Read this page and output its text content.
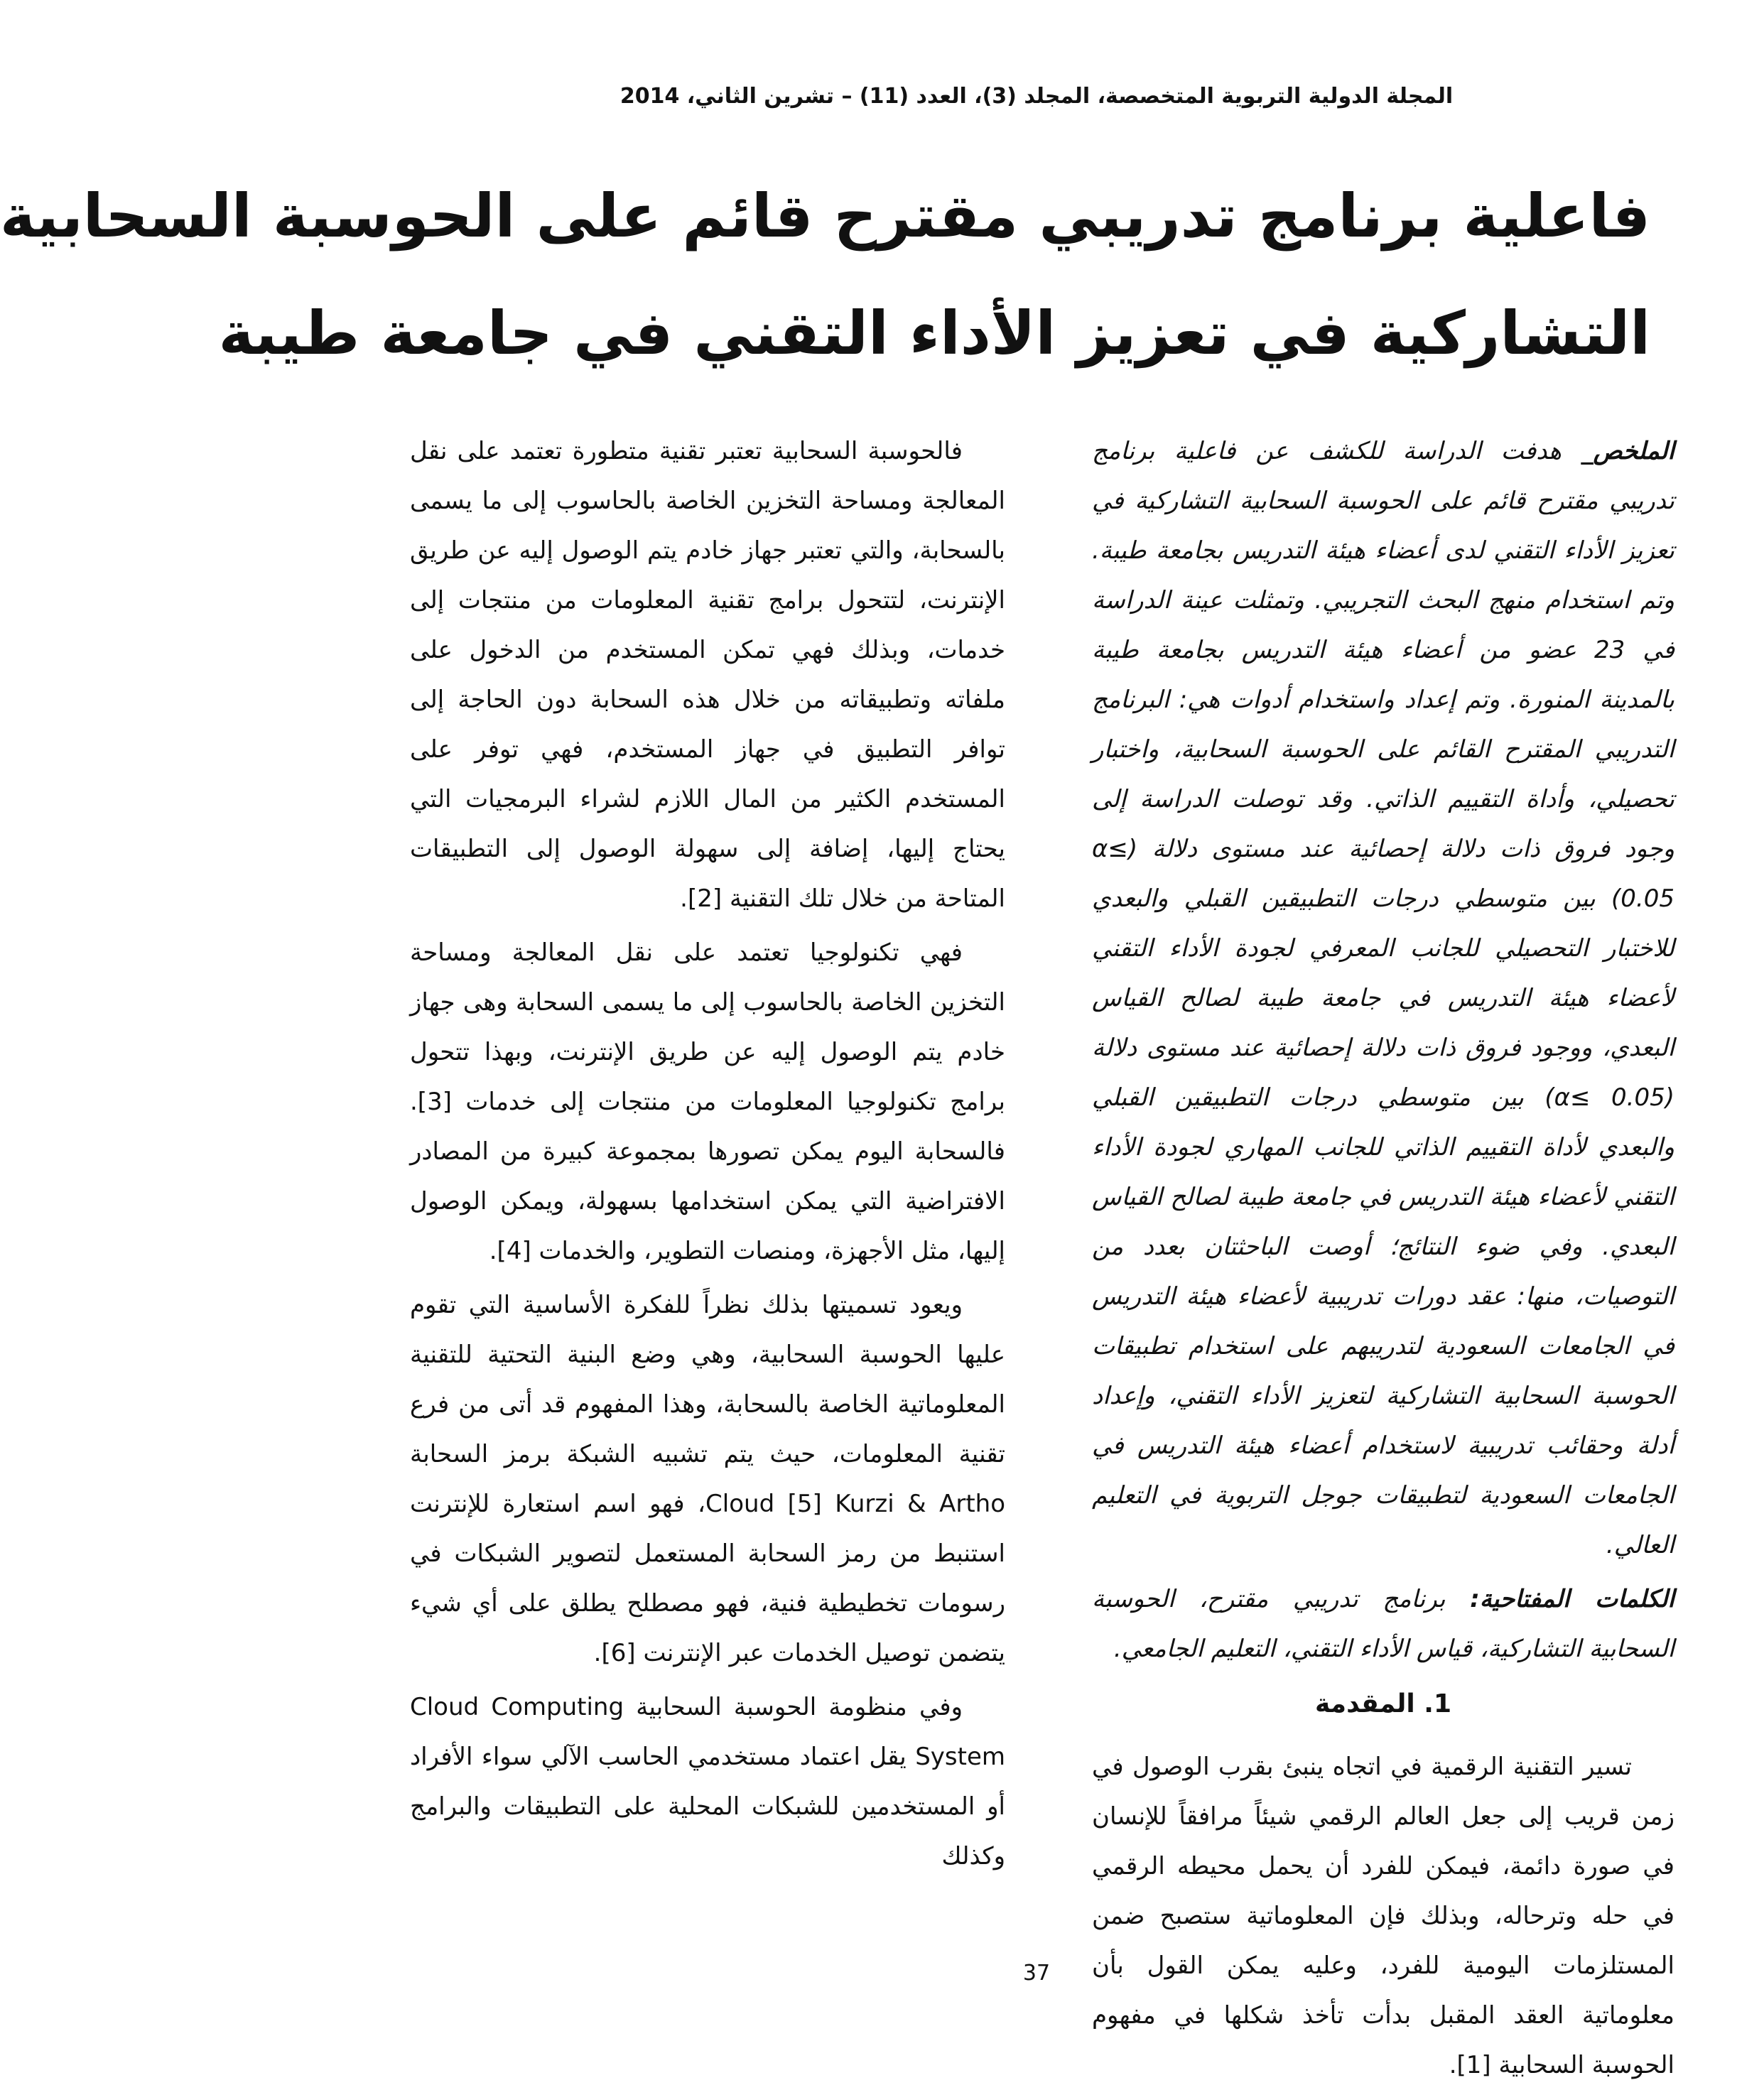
المجلة الدولية التربوية المتخصصة، المجلد (3)، العدد (11) – تشرين الثاني، 2014
فاعلية برنامج تدريبي مقترح قائم على الحوسبة السحابية
التشاركية في تعزيز الأداء التقني في جامعة طيبة

الملخص_ هدفت الدراسة للكشف عن فاعلية برنامج تدريبي مقترح قائم على الحوسبة السحابية التشاركية في تعزيز الأداء التقني لدى أعضاء هيئة التدريس بجامعة طيبة. وتم استخدام منهج البحث التجريبي. وتمثلت عينة الدراسة في 23 عضو من أعضاء هيئة التدريس بجامعة طيبة بالمدينة المنورة. وتم إعداد واستخدام أدوات هي: البرنامج التدريبي المقترح القائم على الحوسبة السحابية، واختبار تحصيلي، وأداة التقييم الذاتي. وقد توصلت الدراسة إلى وجود فروق ذات دلالة إحصائية عند مستوى دلالة (α≤ 0.05) بين متوسطي درجات التطبيقين القبلي والبعدي للاختبار التحصيلي للجانب المعرفي لجودة الأداء التقني لأعضاء هيئة التدريس في جامعة طيبة لصالح القياس البعدي، ووجود فروق ذات دلالة إحصائية عند مستوى دلالة (α≤ 0.05) بين متوسطي درجات التطبيقين القبلي والبعدي لأداة التقييم الذاتي للجانب المهاري لجودة الأداء التقني لأعضاء هيئة التدريس في جامعة طيبة لصالح القياس البعدي. وفي ضوء النتائج؛ أوصت الباحثتان بعدد من التوصيات، منها: عقد دورات تدريبية لأعضاء هيئة التدريس في الجامعات السعودية لتدريبهم على استخدام تطبيقات الحوسبة السحابية التشاركية لتعزيز الأداء التقني، وإعداد أدلة وحقائب تدريبية لاستخدام أعضاء هيئة التدريس في الجامعات السعودية لتطبيقات جوجل التربوية في التعليم العالي.

الكلمات المفتاحية: برنامج تدريبي مقترح، الحوسبة السحابية التشاركية، قياس الأداء التقني، التعليم الجامعي.

1. المقدمة

تسير التقنية الرقمية في اتجاه ينبئ بقرب الوصول في زمن قريب إلى جعل العالم الرقمي شيئاً مرافقاً للإنسان في صورة دائمة، فيمكن للفرد أن يحمل محيطه الرقمي في حله وترحاله، وبذلك فإن المعلوماتية ستصبح ضمن المستلزمات اليومية للفرد، وعليه يمكن القول بأن معلوماتية العقد المقبل بدأت تأخذ شكلها في مفهوم الحوسبة السحابية [1].

فالحوسبة السحابية تعتبر تقنية متطورة تعتمد على نقل المعالجة ومساحة التخزين الخاصة بالحاسوب إلى ما يسمى بالسحابة، والتي تعتبر جهاز خادم يتم الوصول إليه عن طريق الإنترنت، لتتحول برامج تقنية المعلومات من منتجات إلى خدمات، وبذلك فهي تمكن المستخدم من الدخول على ملفاته وتطبيقاته من خلال هذه السحابة دون الحاجة إلى توافر التطبيق في جهاز المستخدم، فهي توفر على المستخدم الكثير من المال اللازم لشراء البرمجيات التي يحتاج إليها، إضافة إلى سهولة الوصول إلى التطبيقات المتاحة من خلال تلك التقنية [2].

فهي تكنولوجيا تعتمد على نقل المعالجة ومساحة التخزين الخاصة بالحاسوب إلى ما يسمى السحابة وهى جهاز خادم يتم الوصول إليه عن طريق الإنترنت، وبهذا تتحول برامج تكنولوجيا المعلومات من منتجات إلى خدمات [3]. فالسحابة اليوم يمكن تصورها بمجموعة كبيرة من المصادر الافتراضية التي يمكن استخدامها بسهولة، ويمكن الوصول إليها، مثل الأجهزة، ومنصات التطوير، والخدمات [4].

ويعود تسميتها بذلك نظراً للفكرة الأساسية التي تقوم عليها الحوسبة السحابية، وهي وضع البنية التحتية للتقنية المعلوماتية الخاصة بالسحابة، وهذا المفهوم قد أتى من فرع تقنية المعلومات، حيث يتم تشبيه الشبكة برمز السحابة Cloud [5] Kurzi & Artho، فهو اسم استعارة للإنترنت استنبط من رمز السحابة المستعمل لتصوير الشبكات في رسومات تخطيطية فنية، فهو مصطلح يطلق على أي شيء يتضمن توصيل الخدمات عبر الإنترنت [6].

وفي منظومة الحوسبة السحابية Cloud Computing System يقل اعتماد مستخدمي الحاسب الآلي سواء الأفراد أو المستخدمين للشبكات المحلية على التطبيقات والبرامج وكذلك

37
